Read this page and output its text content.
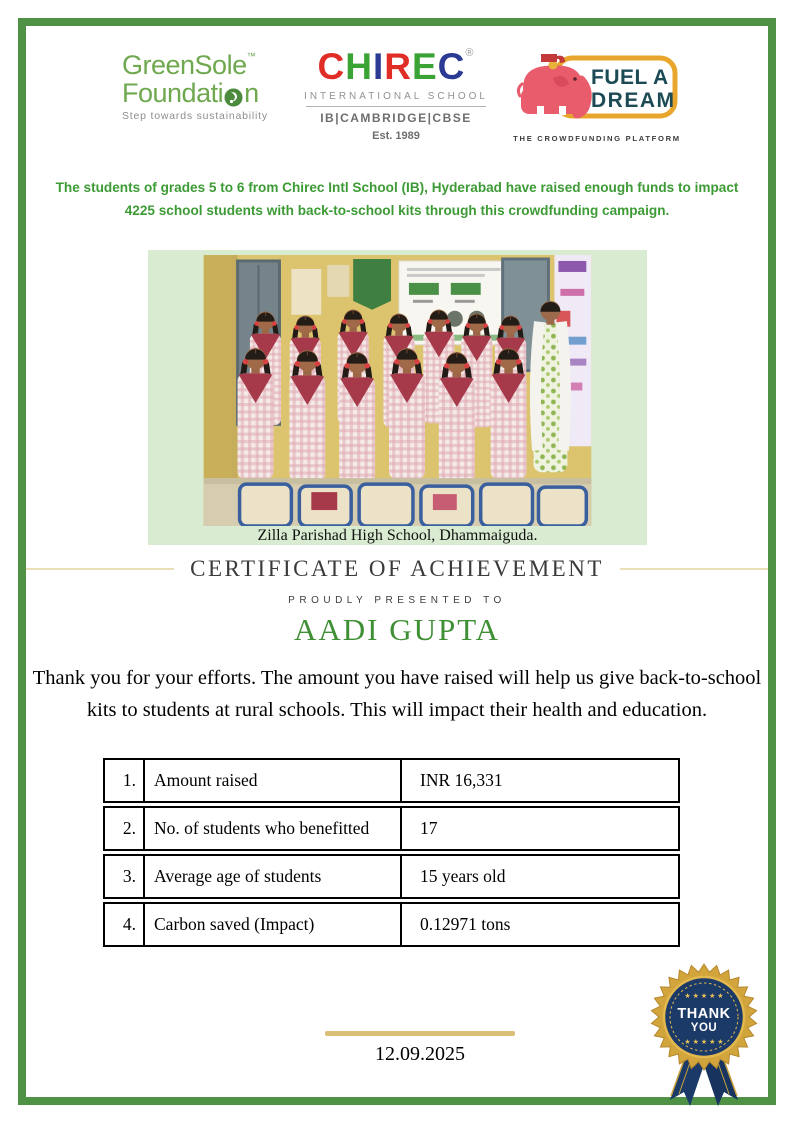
GreenSole™
F oundati n
Step towards sustainability
CHIREC®
INTERNATIONAL SCHOOL
IB|CAMBRIDGE|CBSE
Est. 1989
FUEL A
DREAM
THE CROWDFUNDING PLATFORM
The students of grades 5 to 6 from Chirec Intl School (IB), Hyderabad have raised enough funds to impact 4225 school students with back-to-school kits through this crowdfunding campaign.
Zilla Parishad High School, Dhammaiguda.
CERTIFICATE OF ACHIEVEMENT
PROUDLY PRESENTED TO
AADI GUPTA
Thank you for your efforts. The amount you have raised will help us give back-to-school kits to students at rural schools. This will impact their health and education.
1.	Amount raised	INR 16,331
2.	No. of students who benefitted	17
3.	Average age of students	15 years old
4.	Carbon saved (Impact)	0.12971 tons
12.09.2025
★ ★ ★ ★ ★
THANK
YOU
★ ★ ★ ★ ★
